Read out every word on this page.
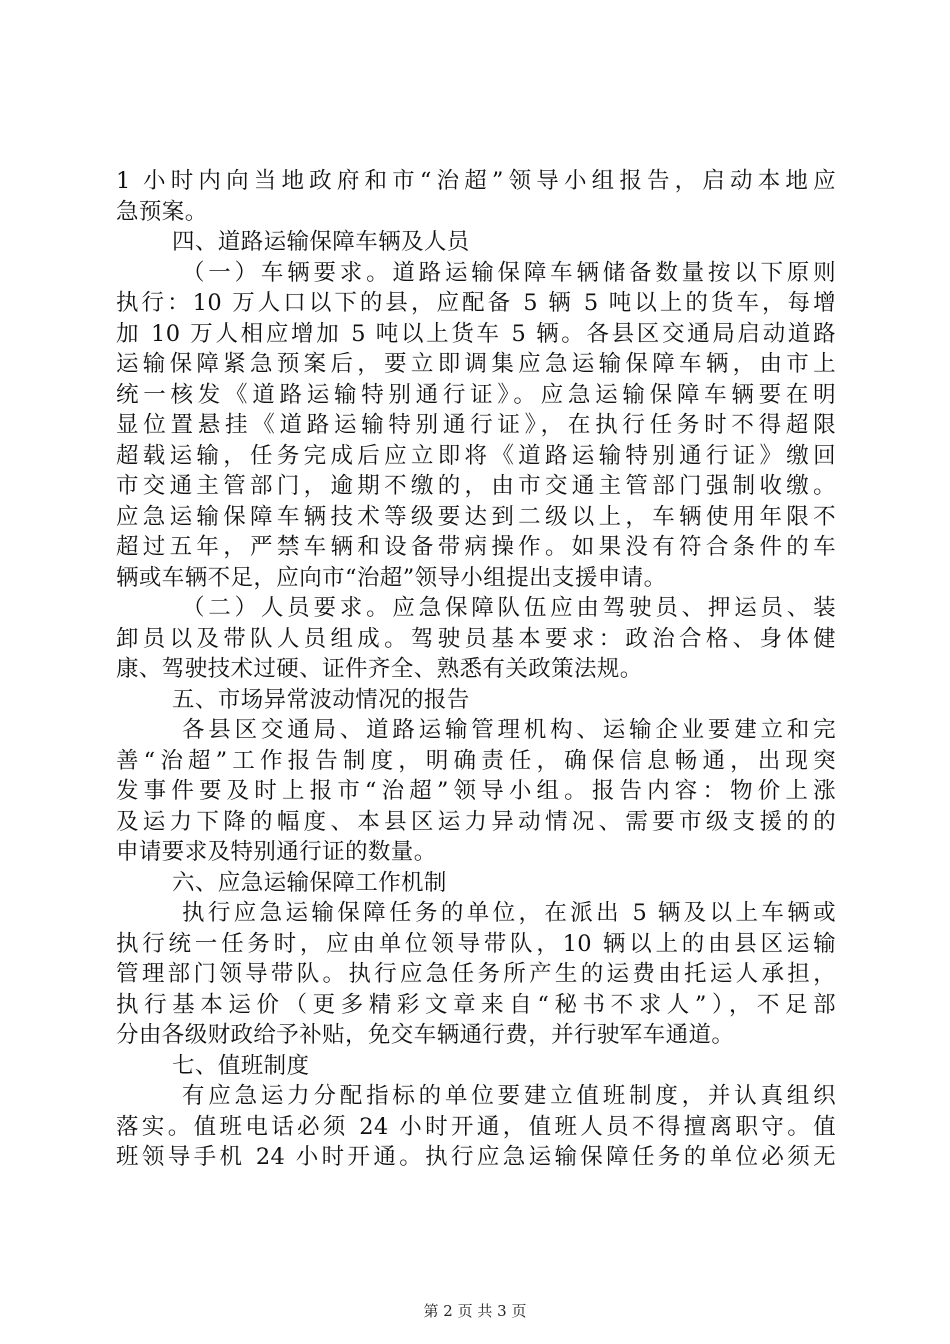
1 小时内向当地政府和市“治超”领导小组报告，启动本地应
急预案。
四、道路运输保障车辆及人员
（一）车辆要求。道路运输保障车辆储备数量按以下原则
执行：10 万人口以下的县，应配备 5 辆 5 吨以上的货车，每增
加 10 万人相应增加 5 吨以上货车 5 辆。各县区交通局启动道路
运输保障紧急预案后，要立即调集应急运输保障车辆，由市上
统一核发《道路运输特别通行证》。应急运输保障车辆要在明
显位置悬挂《道路运输特别通行证》，在执行任务时不得超限
超载运输，任务完成后应立即将《道路运输特别通行证》缴回
市交通主管部门，逾期不缴的，由市交通主管部门强制收缴。
应急运输保障车辆技术等级要达到二级以上，车辆使用年限不
超过五年，严禁车辆和设备带病操作。如果没有符合条件的车
辆或车辆不足，应向市“治超”领导小组提出支援申请。
（二）人员要求。应急保障队伍应由驾驶员、押运员、装
卸员以及带队人员组成。驾驶员基本要求：政治合格、身体健
康、驾驶技术过硬、证件齐全、熟悉有关政策法规。
五、市场异常波动情况的报告
各县区交通局、道路运输管理机构、运输企业要建立和完
善“治超”工作报告制度，明确责任，确保信息畅通，出现突
发事件要及时上报市“治超”领导小组。报告内容：物价上涨
及运力下降的幅度、本县区运力异动情况、需要市级支援的的
申请要求及特别通行证的数量。
六、应急运输保障工作机制
执行应急运输保障任务的单位，在派出 5 辆及以上车辆或
执行统一任务时，应由单位领导带队，10 辆以上的由县区运输
管理部门领导带队。执行应急任务所产生的运费由托运人承担，
执行基本运价（更多精彩文章来自“秘书不求人”），不足部
分由各级财政给予补贴，免交车辆通行费，并行驶军车通道。
七、值班制度
有应急运力分配指标的单位要建立值班制度，并认真组织
落实。值班电话必须 24 小时开通，值班人员不得擅离职守。值
班领导手机 24 小时开通。执行应急运输保障任务的单位必须无
第 2 页 共 3 页
